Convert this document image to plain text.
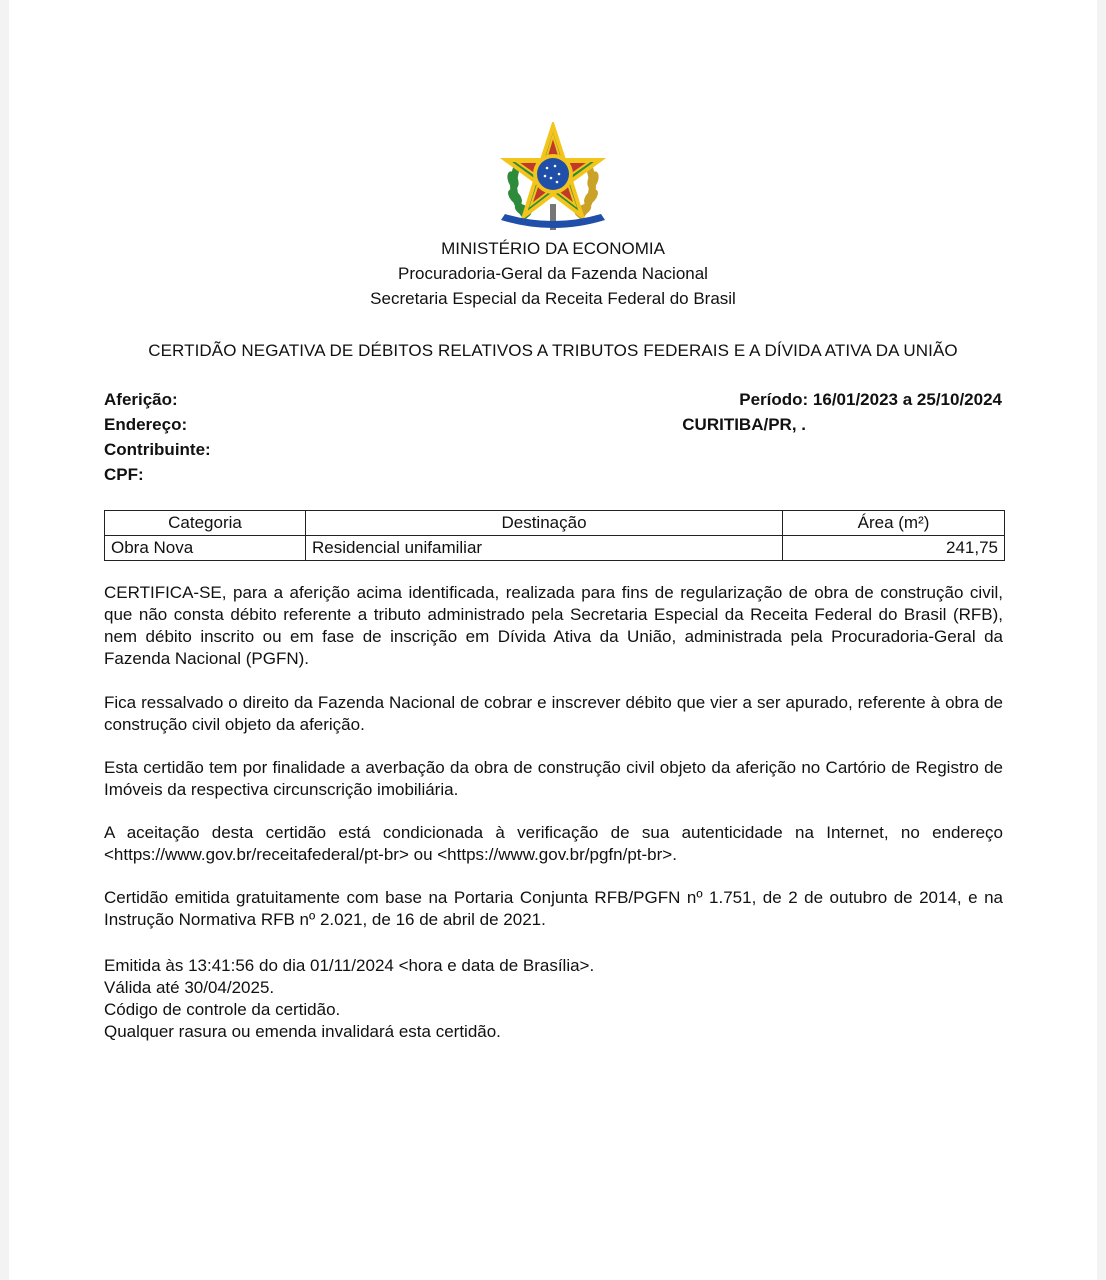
MINISTÉRIO DA ECONOMIA
Procuradoria-Geral da Fazenda Nacional
Secretaria Especial da Receita Federal do Brasil
CERTIDÃO NEGATIVA DE DÉBITOS RELATIVOS A TRIBUTOS FEDERAIS E A DÍVIDA ATIVA DA UNIÃO
Aferição:
Endereço:
Contribuinte:
CPF:
Período: 16/01/2023 a 25/10/2024
CURITIBA/PR, .
Categoria	Destinação	Área (m²)
Obra Nova	Residencial unifamiliar	241,75
CERTIFICA-SE, para a aferição acima identificada, realizada para fins de regularização de obra de construção civil, que não consta débito referente a tributo administrado pela Secretaria Especial da Receita Federal do Brasil (RFB), nem débito inscrito ou em fase de inscrição em Dívida Ativa da União, administrada pela Procuradoria-Geral da Fazenda Nacional (PGFN).
Fica ressalvado o direito da Fazenda Nacional de cobrar e inscrever débito que vier a ser apurado, referente à obra de construção civil objeto da aferição.
Esta certidão tem por finalidade a averbação da obra de construção civil objeto da aferição no Cartório de Registro de Imóveis da respectiva circunscrição imobiliária.
A aceitação desta certidão está condicionada à verificação de sua autenticidade na Internet, no endereço <https://www.gov.br/receitafederal/pt-br> ou <https://www.gov.br/pgfn/pt-br>.
Certidão emitida gratuitamente com base na Portaria Conjunta RFB/PGFN nº 1.751, de 2 de outubro de 2014, e na Instrução Normativa RFB nº 2.021, de 16 de abril de 2021.
Emitida às 13:41:56 do dia 01/11/2024 <hora e data de Brasília>.
Válida até 30/04/2025.
Código de controle da certidão.
Qualquer rasura ou emenda invalidará esta certidão.
